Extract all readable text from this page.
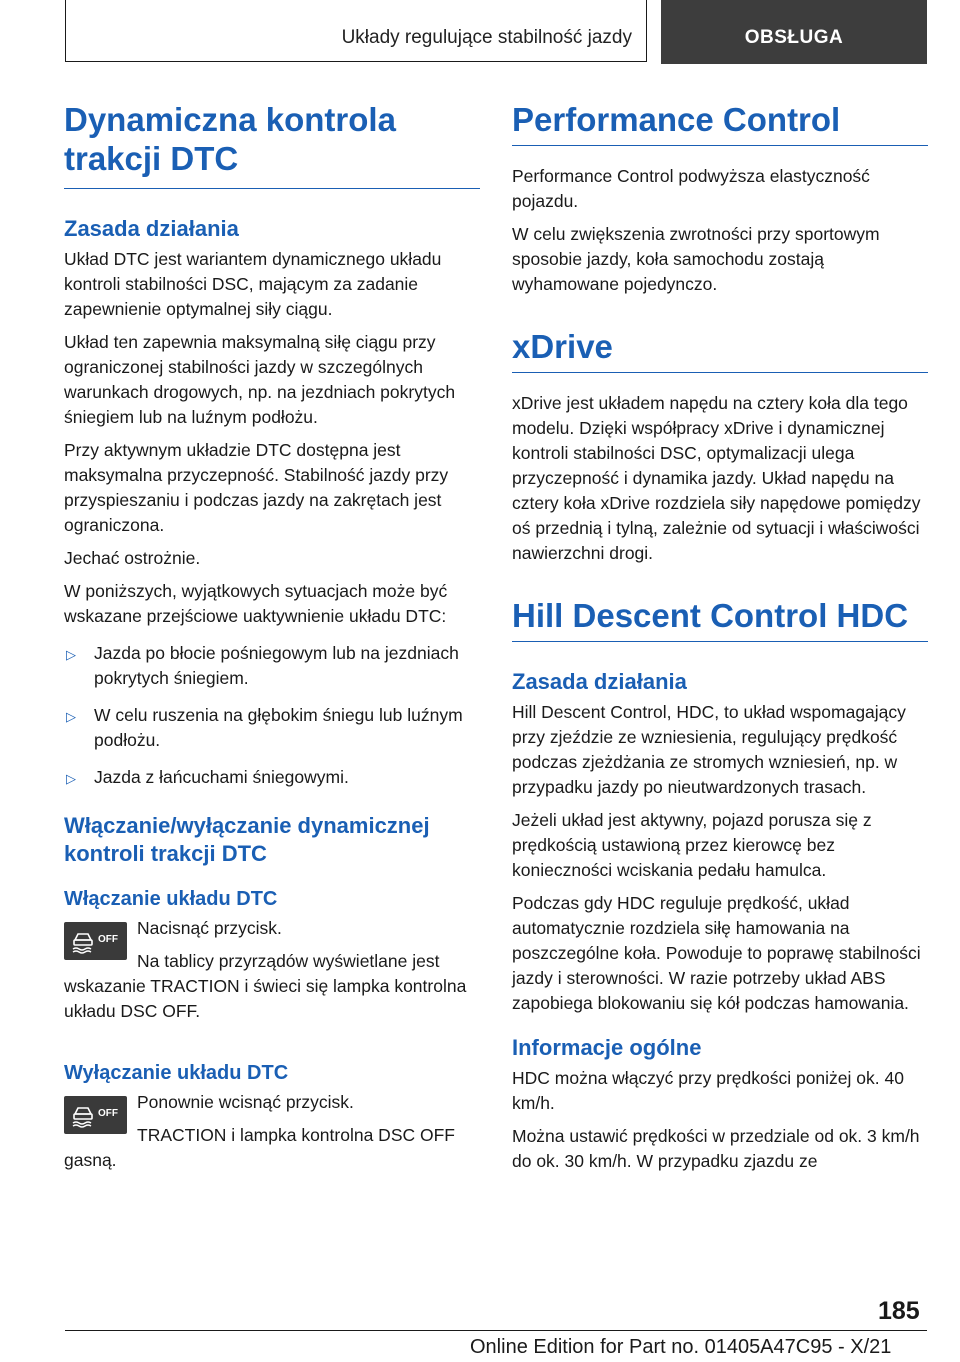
Układy regulujące stabilność jazdy	OBSŁUGA
Dynamiczna kontrola trakcji DTC
Zasada działania

Układ DTC jest wariantem dynamicznego układu kontroli stabilności DSC, mającym za zadanie zapewnienie optymalnej siły ciągu.

Układ ten zapewnia maksymalną siłę ciągu przy ograniczonej stabilności jazdy w szczególnych warunkach drogowych, np. na jezdniach pokrytych śniegiem lub na luźnym podłożu.

Przy aktywnym układzie DTC dostępna jest maksymalna przyczepność. Stabilność jazdy przy przyspieszaniu i podczas jazdy na zakrętach jest ograniczona.

Jechać ostrożnie.

W poniższych, wyjątkowych sytuacjach może być wskazane przejściowe uaktywnienie układu DTC:

▷ Jazda po błocie pośniegowym lub na jezdniach pokrytych śniegiem.
▷ W celu ruszenia na głębokim śniegu lub luźnym podłożu.
▷ Jazda z łańcuchami śniegowymi.
Włączanie/wyłączanie dynamicznej kontroli trakcji DTC
Włączanie układu DTC
OFF

Nacisnąć przycisk.

Na tablicy przyrządów wyświetlane jest wskazanie TRACTION i świeci się lampka kontrolna układu DSC OFF.

Wyłączanie układu DTC
OFF

Ponownie wcisnąć przycisk.

TRACTION i lampka kontrolna DSC OFF gasną.

Performance Control

Performance Control podwyższa elastyczność pojazdu.

W celu zwiększenia zwrotności przy sportowym sposobie jazdy, koła samochodu zostają wyhamowane pojedynczo.

xDrive

xDrive jest układem napędu na cztery koła dla tego modelu. Dzięki współpracy xDrive i dynamicznej kontroli stabilności DSC, optymalizacji ulega przyczepność i dynamika jazdy. Układ napędu na cztery koła xDrive rozdziela siły napędowe pomiędzy oś przednią i tylną, zależnie od sytuacji i właściwości nawierzchni drogi.

Hill Descent Control HDC
Zasada działania

Hill Descent Control, HDC, to układ wspomagający przy zjeździe ze wzniesienia, regulujący prędkość podczas zjeżdżania ze stromych wzniesień, np. w przypadku jazdy po nieutwardzonych trasach.

Jeżeli układ jest aktywny, pojazd porusza się z prędkością ustawioną przez kierowcę bez konieczności wciskania pedału hamulca.

Podczas gdy HDC reguluje prędkość, układ automatycznie rozdziela siłę hamowania na poszczególne koła. Powoduje to poprawę stabilności jazdy i sterowności. W razie potrzeby układ ABS zapobiega blokowaniu się kół podczas hamowania.

Informacje ogólne

HDC można włączyć przy prędkości poniżej ok. 40 km/h.

Można ustawić prędkości w przedziale od ok. 3 km/h do ok. 30 km/h. W przypadku zjazdu ze

185
Online Edition for Part no. 01405A47C95 - X/21
